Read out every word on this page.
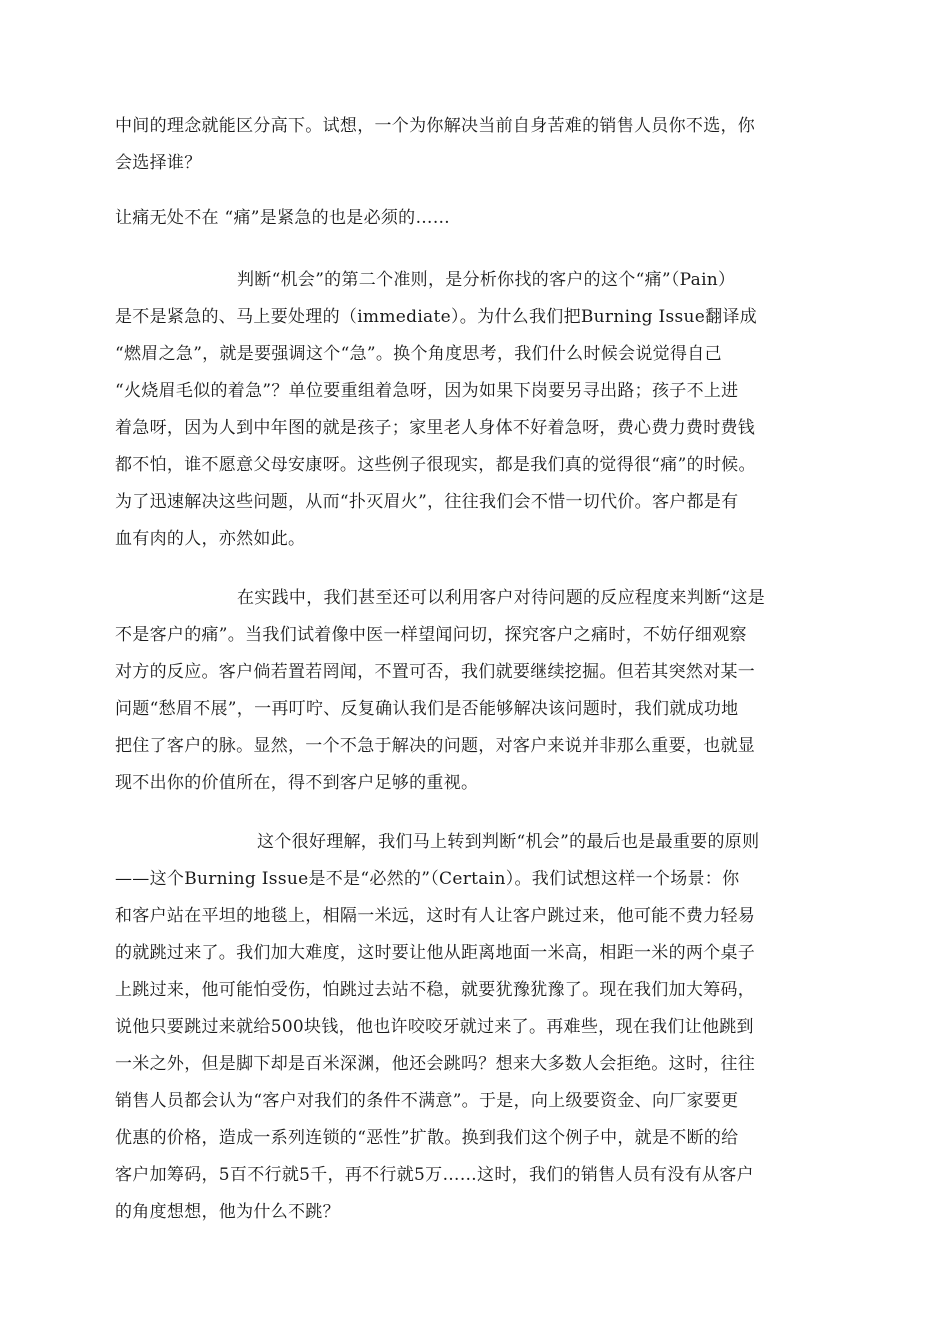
中间的理念就能区分高下。试想，一个为你解决当前自身苦难的销售人员你不选，你
会选择谁？
让痛无处不在 “痛”是紧急的也是必须的……
判断“机会”的第二个准则，是分析你找的客户的这个“痛”（Pain）
是不是紧急的、马上要处理的（immediate）。为什么我们把Burning Issue翻译成
“燃眉之急”，就是要强调这个“急”。换个角度思考，我们什么时候会说觉得自己
“火烧眉毛似的着急”？单位要重组着急呀，因为如果下岗要另寻出路；孩子不上进
着急呀，因为人到中年图的就是孩子；家里老人身体不好着急呀，费心费力费时费钱
都不怕，谁不愿意父母安康呀。这些例子很现实，都是我们真的觉得很“痛”的时候。
为了迅速解决这些问题，从而“扑灭眉火”，往往我们会不惜一切代价。客户都是有
血有肉的人，亦然如此。
在实践中，我们甚至还可以利用客户对待问题的反应程度来判断“这是
不是客户的痛”。当我们试着像中医一样望闻问切，探究客户之痛时，不妨仔细观察
对方的反应。客户倘若置若罔闻，不置可否，我们就要继续挖掘。但若其突然对某一
问题“愁眉不展”，一再叮咛、反复确认我们是否能够解决该问题时，我们就成功地
把住了客户的脉。显然，一个不急于解决的问题，对客户来说并非那么重要，也就显
现不出你的价值所在，得不到客户足够的重视。
这个很好理解，我们马上转到判断“机会”的最后也是最重要的原则
——这个Burning Issue是不是“必然的”（Certain）。我们试想这样一个场景：你
和客户站在平坦的地毯上，相隔一米远，这时有人让客户跳过来，他可能不费力轻易
的就跳过来了。我们加大难度，这时要让他从距离地面一米高，相距一米的两个桌子
上跳过来，他可能怕受伤，怕跳过去站不稳，就要犹豫犹豫了。现在我们加大筹码，
说他只要跳过来就给500块钱，他也许咬咬牙就过来了。再难些，现在我们让他跳到
一米之外，但是脚下却是百米深渊，他还会跳吗？想来大多数人会拒绝。这时，往往
销售人员都会认为“客户对我们的条件不满意”。于是，向上级要资金、向厂家要更
优惠的价格，造成一系列连锁的“恶性”扩散。换到我们这个例子中，就是不断的给
客户加筹码，5百不行就5千，再不行就5万……这时，我们的销售人员有没有从客户
的角度想想，他为什么不跳？
